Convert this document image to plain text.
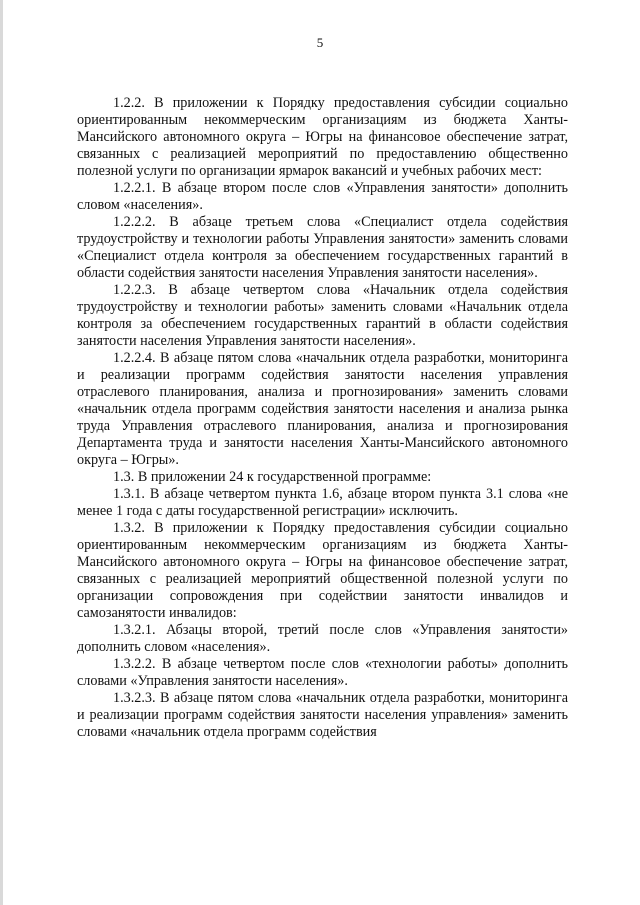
5

1.2.2. В приложении к Порядку предоставления субсидии социально ориентированным некоммерческим организациям из бюджета Ханты-Мансийского автономного округа – Югры на финансовое обеспечение затрат, связанных с реализацией мероприятий по предоставлению общественно полезной услуги по организации ярмарок вакансий и учебных рабочих мест:

1.2.2.1. В абзаце втором после слов «Управления занятости» дополнить словом «населения».

1.2.2.2. В абзаце третьем слова «Специалист отдела содействия трудоустройству и технологии работы Управления занятости» заменить словами «Специалист отдела контроля за обеспечением государственных гарантий в области содействия занятости населения Управления занятости населения».

1.2.2.3. В абзаце четвертом слова «Начальник отдела содействия трудоустройству и технологии работы» заменить словами «Начальник отдела контроля за обеспечением государственных гарантий в области содействия занятости населения Управления занятости населения».

1.2.2.4. В абзаце пятом слова «начальник отдела разработки, мониторинга и реализации программ содействия занятости населения управления отраслевого планирования, анализа и прогнозирования» заменить словами «начальник отдела программ содействия занятости населения и анализа рынка труда Управления отраслевого планирования, анализа и прогнозирования Департамента труда и занятости населения Ханты-Мансийского автономного округа – Югры».

1.3. В приложении 24 к государственной программе:

1.3.1. В абзаце четвертом пункта 1.6, абзаце втором пункта 3.1 слова «не менее 1 года с даты государственной регистрации» исключить.

1.3.2. В приложении к Порядку предоставления субсидии социально ориентированным некоммерческим организациям из бюджета Ханты-Мансийского автономного округа – Югры на финансовое обеспечение затрат, связанных с реализацией мероприятий общественной полезной услуги по организации сопровождения при содействии занятости инвалидов и самозанятости инвалидов:

1.3.2.1. Абзацы второй, третий после слов «Управления занятости» дополнить словом «населения».

1.3.2.2. В абзаце четвертом после слов «технологии работы» дополнить словами «Управления занятости населения».

1.3.2.3. В абзаце пятом слова «начальник отдела разработки, мониторинга и реализации программ содействия занятости населения управления» заменить словами «начальник отдела программ содействия
